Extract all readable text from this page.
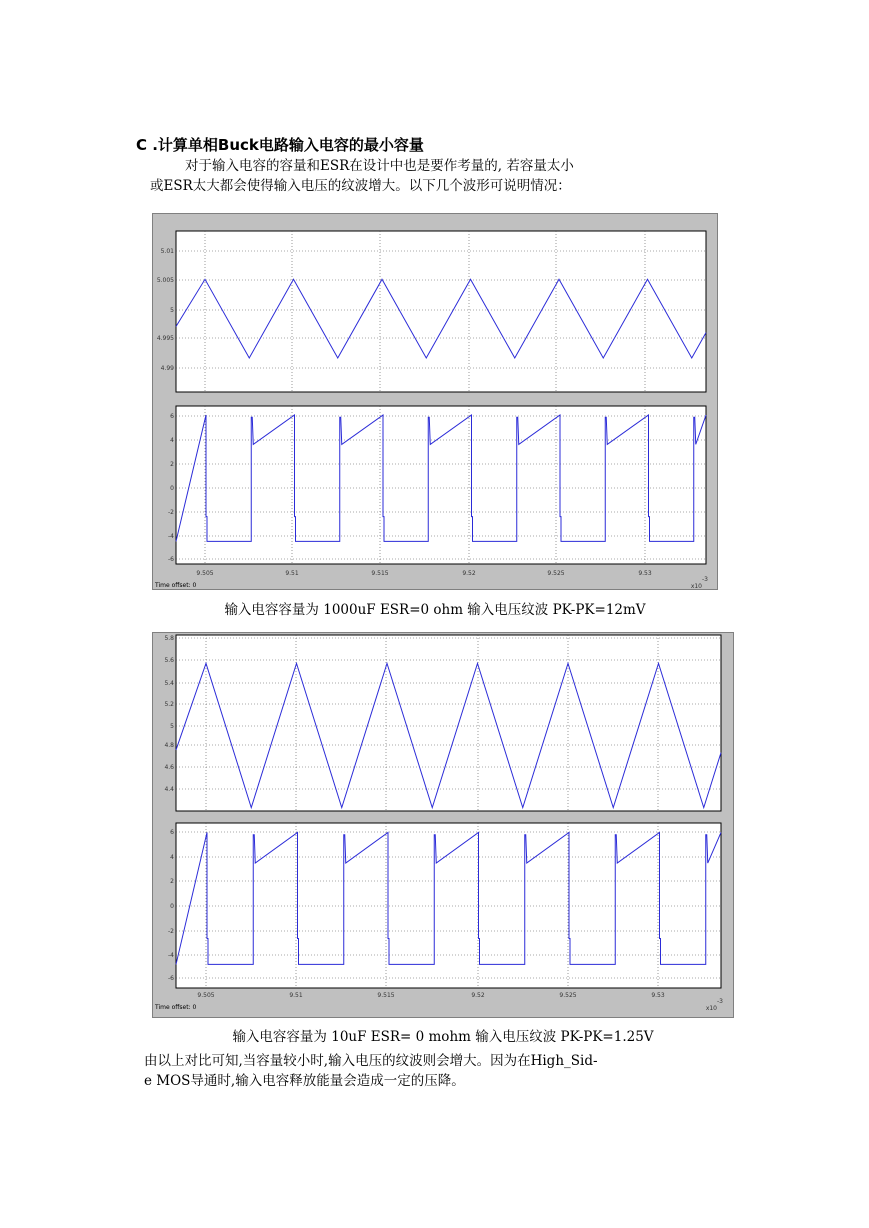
C .计算单相Buck电路输入电容的最小容量
对于输入电容的容量和ESR在设计中也是要作考量的, 若容量太小
或ESR太大都会使得输入电压的纹波增大。以下几个波形可说明情况：
5.01
5.005
5
4.995
4.99
6
4
2
0
-2
-4
-6
9.505	9.51	9.515	9.52	9.525	9.53
Time offset: 0	x10
-3
输入电容容量为 1000uF ESR=0 ohm 输入电压纹波 PK-PK=12mV
5.8
5.6
5.4
5.2
5
4.8
4.6
4.4
6
4
2
0
-2
-4
-6
9.505	9.51	9.515	9.52	9.525	9.53
Time offset: 0	x10
-3
输入电容容量为 10uF ESR= 0 mohm 输入电压纹波 PK-PK=1.25V
由以上对比可知,当容量较小时,输入电压的纹波则会增大。因为在High_Sid-
e MOS导通时,输入电容释放能量会造成一定的压降。
